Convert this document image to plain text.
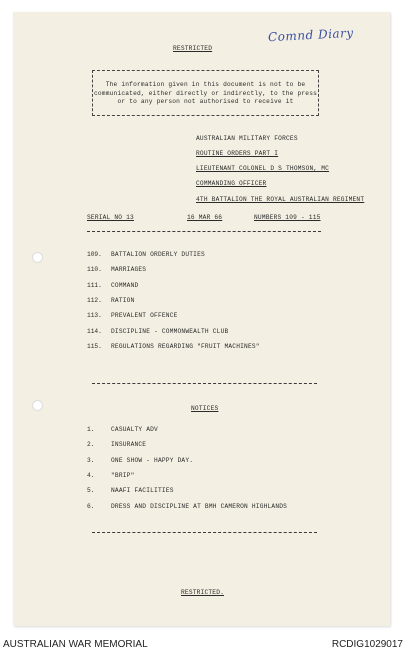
Comnd Diary
RESTRICTED
The information given in this document is not to be communicated, either directly or indirectly, to the press or to any person not authorised to receive it
AUSTRALIAN MILITARY FORCES
ROUTINE ORDERS PART I
LIEUTENANT COLONEL D S THOMSON, MC
COMMANDING OFFICER
4TH BATTALION THE ROYAL AUSTRALIAN REGIMENT
SERIAL NO 13	16 MAR 66	NUMBERS 109 - 115
109. BATTALION ORDERLY DUTIES
110. MARRIAGES
111. COMMAND
112. RATION
113. PREVALENT OFFENCE
114. DISCIPLINE - COMMONWEALTH CLUB
115. REGULATIONS REGARDING "FRUIT MACHINES"
NOTICES
1.	CASUALTY ADV
2.	INSURANCE
3.	ONE SHOW - HAPPY DAY.
4.	"BRIP"
5.	NAAFI FACILITIES
6.	DRESS AND DISCIPLINE AT BMH CAMERON HIGHLANDS
RESTRICTED.
AUSTRALIAN WAR MEMORIAL	RCDIG1029017
